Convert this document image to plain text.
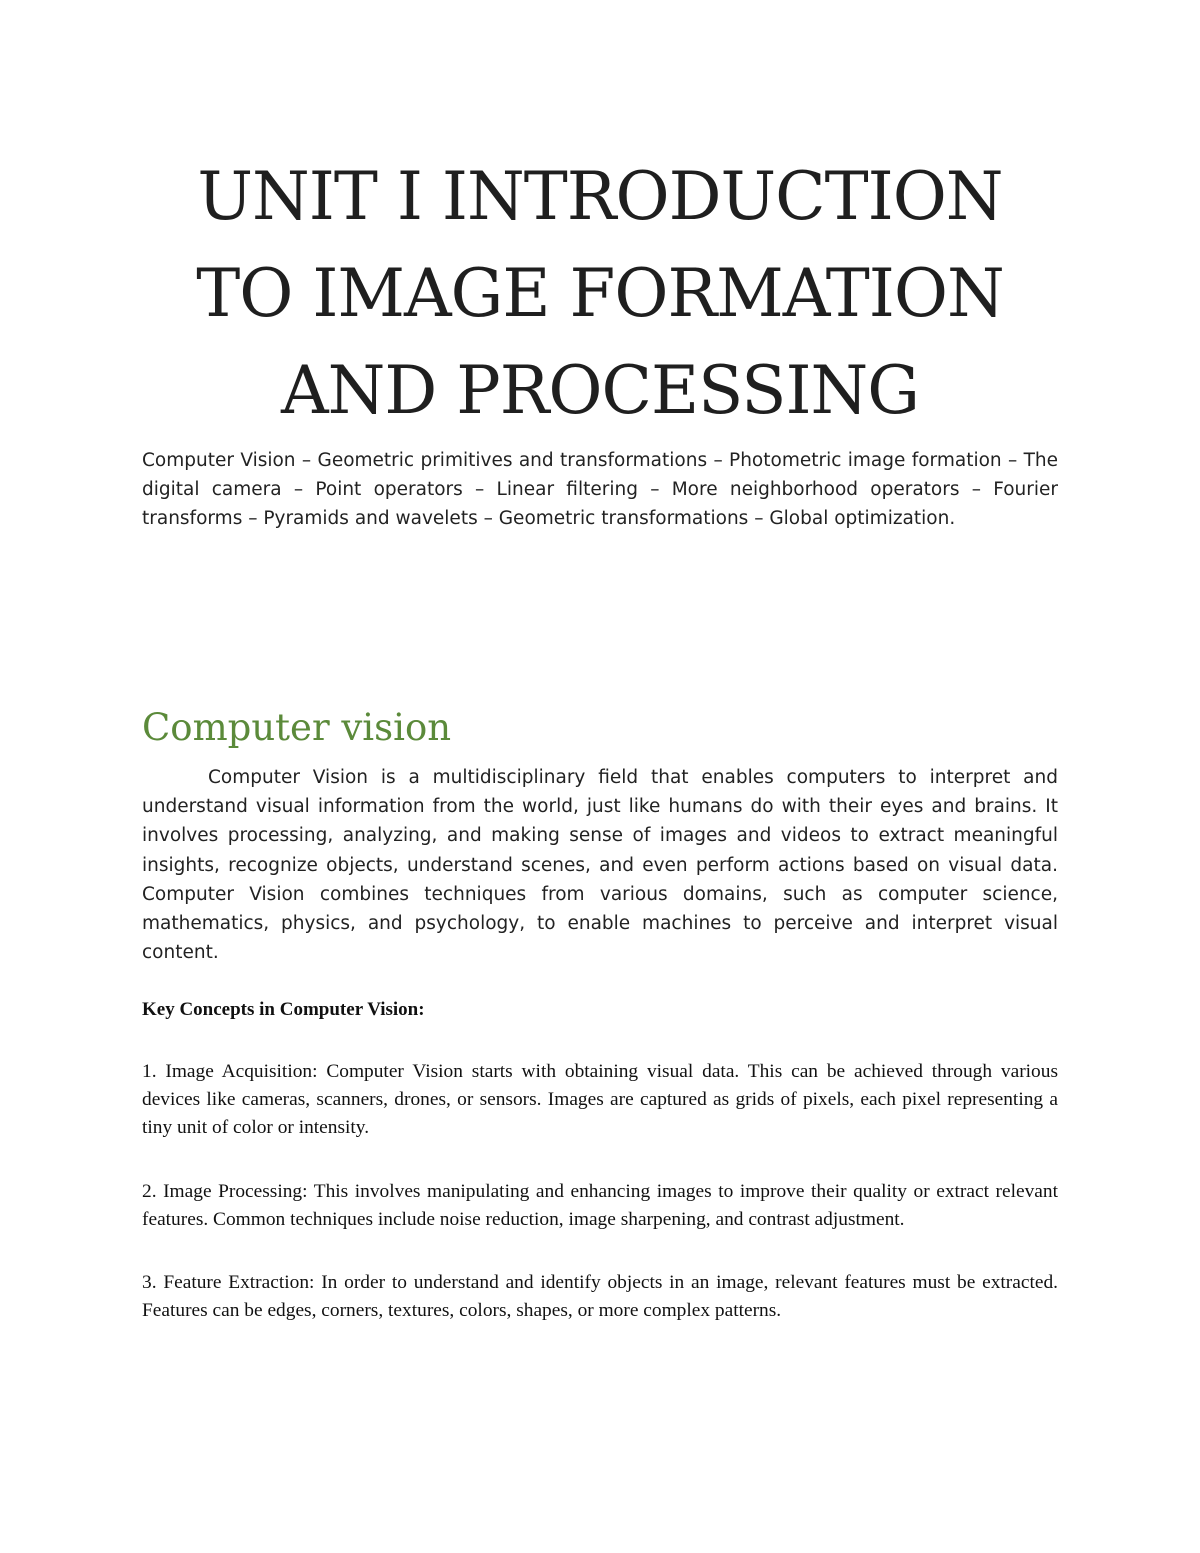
UNIT I INTRODUCTION
TO IMAGE FORMATION
AND PROCESSING

Computer Vision – Geometric primitives and transformations – Photometric image formation – The digital camera – Point operators – Linear filtering – More neighborhood operators – Fourier transforms – Pyramids and wavelets – Geometric transformations – Global optimization.

Computer vision

Computer Vision is a multidisciplinary field that enables computers to interpret and understand visual information from the world, just like humans do with their eyes and brains. It involves processing, analyzing, and making sense of images and videos to extract meaningful insights, recognize objects, understand scenes, and even perform actions based on visual data. Computer Vision combines techniques from various domains, such as computer science, mathematics, physics, and psychology, to enable machines to perceive and interpret visual content.

Key Concepts in Computer Vision:

1. Image Acquisition: Computer Vision starts with obtaining visual data. This can be achieved through various devices like cameras, scanners, drones, or sensors. Images are captured as grids of pixels, each pixel representing a tiny unit of color or intensity.

2. Image Processing: This involves manipulating and enhancing images to improve their quality or extract relevant features. Common techniques include noise reduction, image sharpening, and contrast adjustment.

3. Feature Extraction: In order to understand and identify objects in an image, relevant features must be extracted. Features can be edges, corners, textures, colors, shapes, or more complex patterns.
